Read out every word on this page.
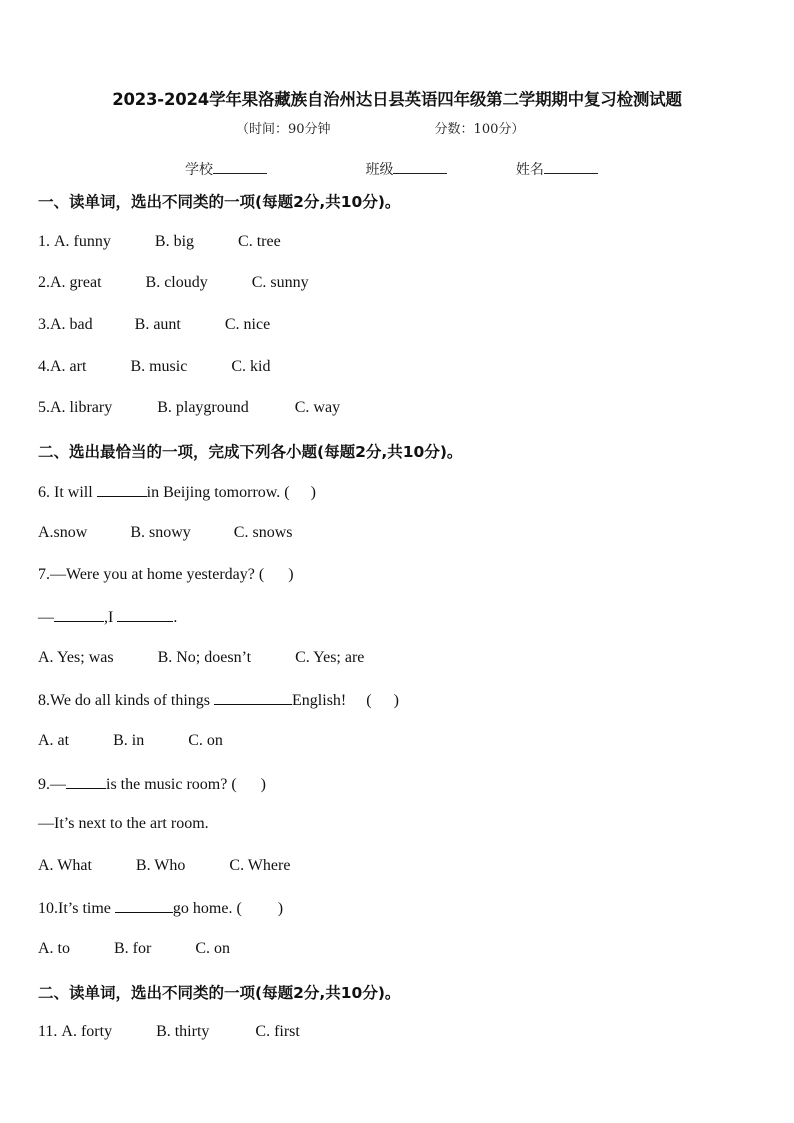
2023-2024学年果洛藏族自治州达日县英语四年级第二学期期中复习检测试题
（时间：90分钟	分数：100分）
学校	班级	姓名
一、读单词，选出不同类的一项(每题2分,共10分)。
1. A. funny	B. big	C. tree
2.A. great	B. cloudy	C. sunny
3.A. bad	B. aunt	C. nice
4.A. art	B. music	C. kid
5.A. library	B. playground	C. way
二、选出最恰当的一项，完成下列各小题(每题2分,共10分)。
6. It will	in Beijing tomorrow. ( )
A.snow	B. snowy	C. snows
7.—Were you at home yesterday? ( )
—	,I	.
A. Yes; was	B. No; doesn’t	C. Yes; are
8.We do all kinds of things	English! ( )
A. at	B. in	C. on
9.—	is the music room? ( )
—It’s next to the art room.
A. What	B. Who	C. Where
10.It’s time	go home. ( )
A. to	B. for	C. on
二、读单词，选出不同类的一项(每题2分,共10分)。
11. A. forty	B. thirty	C. first
